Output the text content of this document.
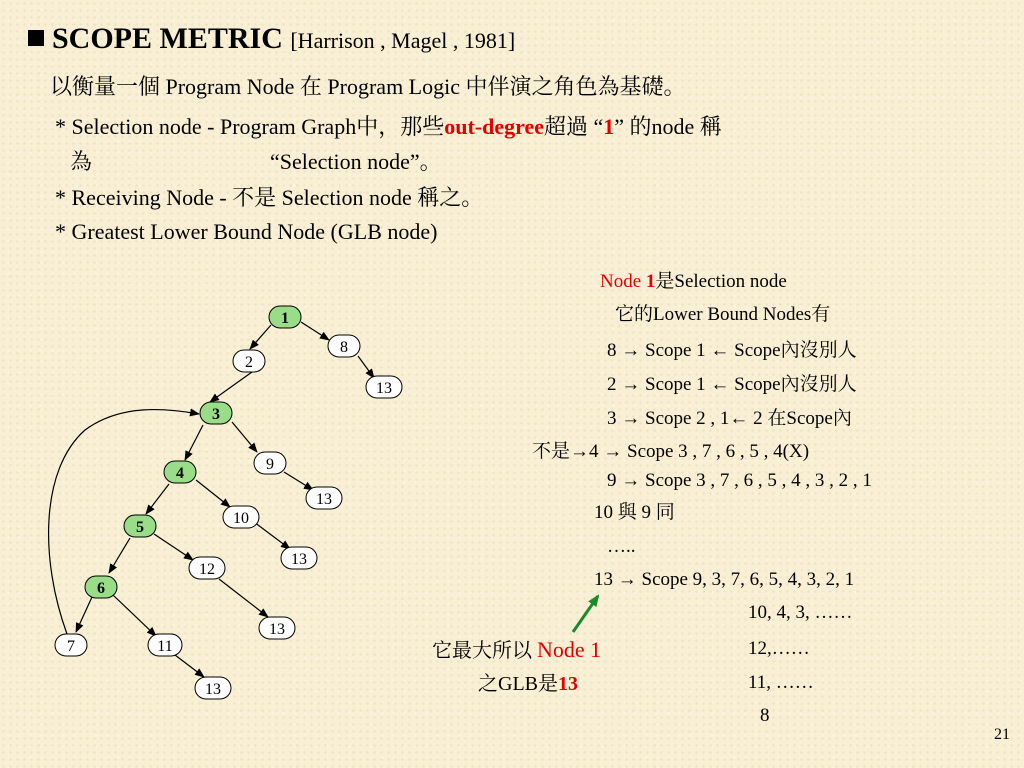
SCOPE METRIC [Harrison , Magel , 1981]
以衡量一個 Program Node 在 Program Logic 中伴演之角色為基礎。
* Selection node - Program Graph中，那些out-degree超過 “1” 的node 稱
為	“Selection node”。
* Receiving Node - 不是 Selection node 稱之。
* Greatest Lower Bound Node (GLB node)
1
8
2
13
3
9
4
13
10
5
13
12
6
13
7	11
13
Node 1是Selection node
它的Lower Bound Nodes有
8 → Scope 1 ← Scope內沒別人
2 → Scope 1 ← Scope內沒別人
3 → Scope 2 , 1← 2 在Scope內
不是→4 → Scope 3 , 7 , 6 , 5 , 4(X)
9 → Scope 3 , 7 , 6 , 5 , 4 , 3 , 2 , 1
10 與 9 同
…..
13 → Scope 9, 3, 7, 6, 5, 4, 3, 2, 1
10, 4, 3, ……
12,……
11, ……
8
它最大所以 Node 1
之GLB是13
21
